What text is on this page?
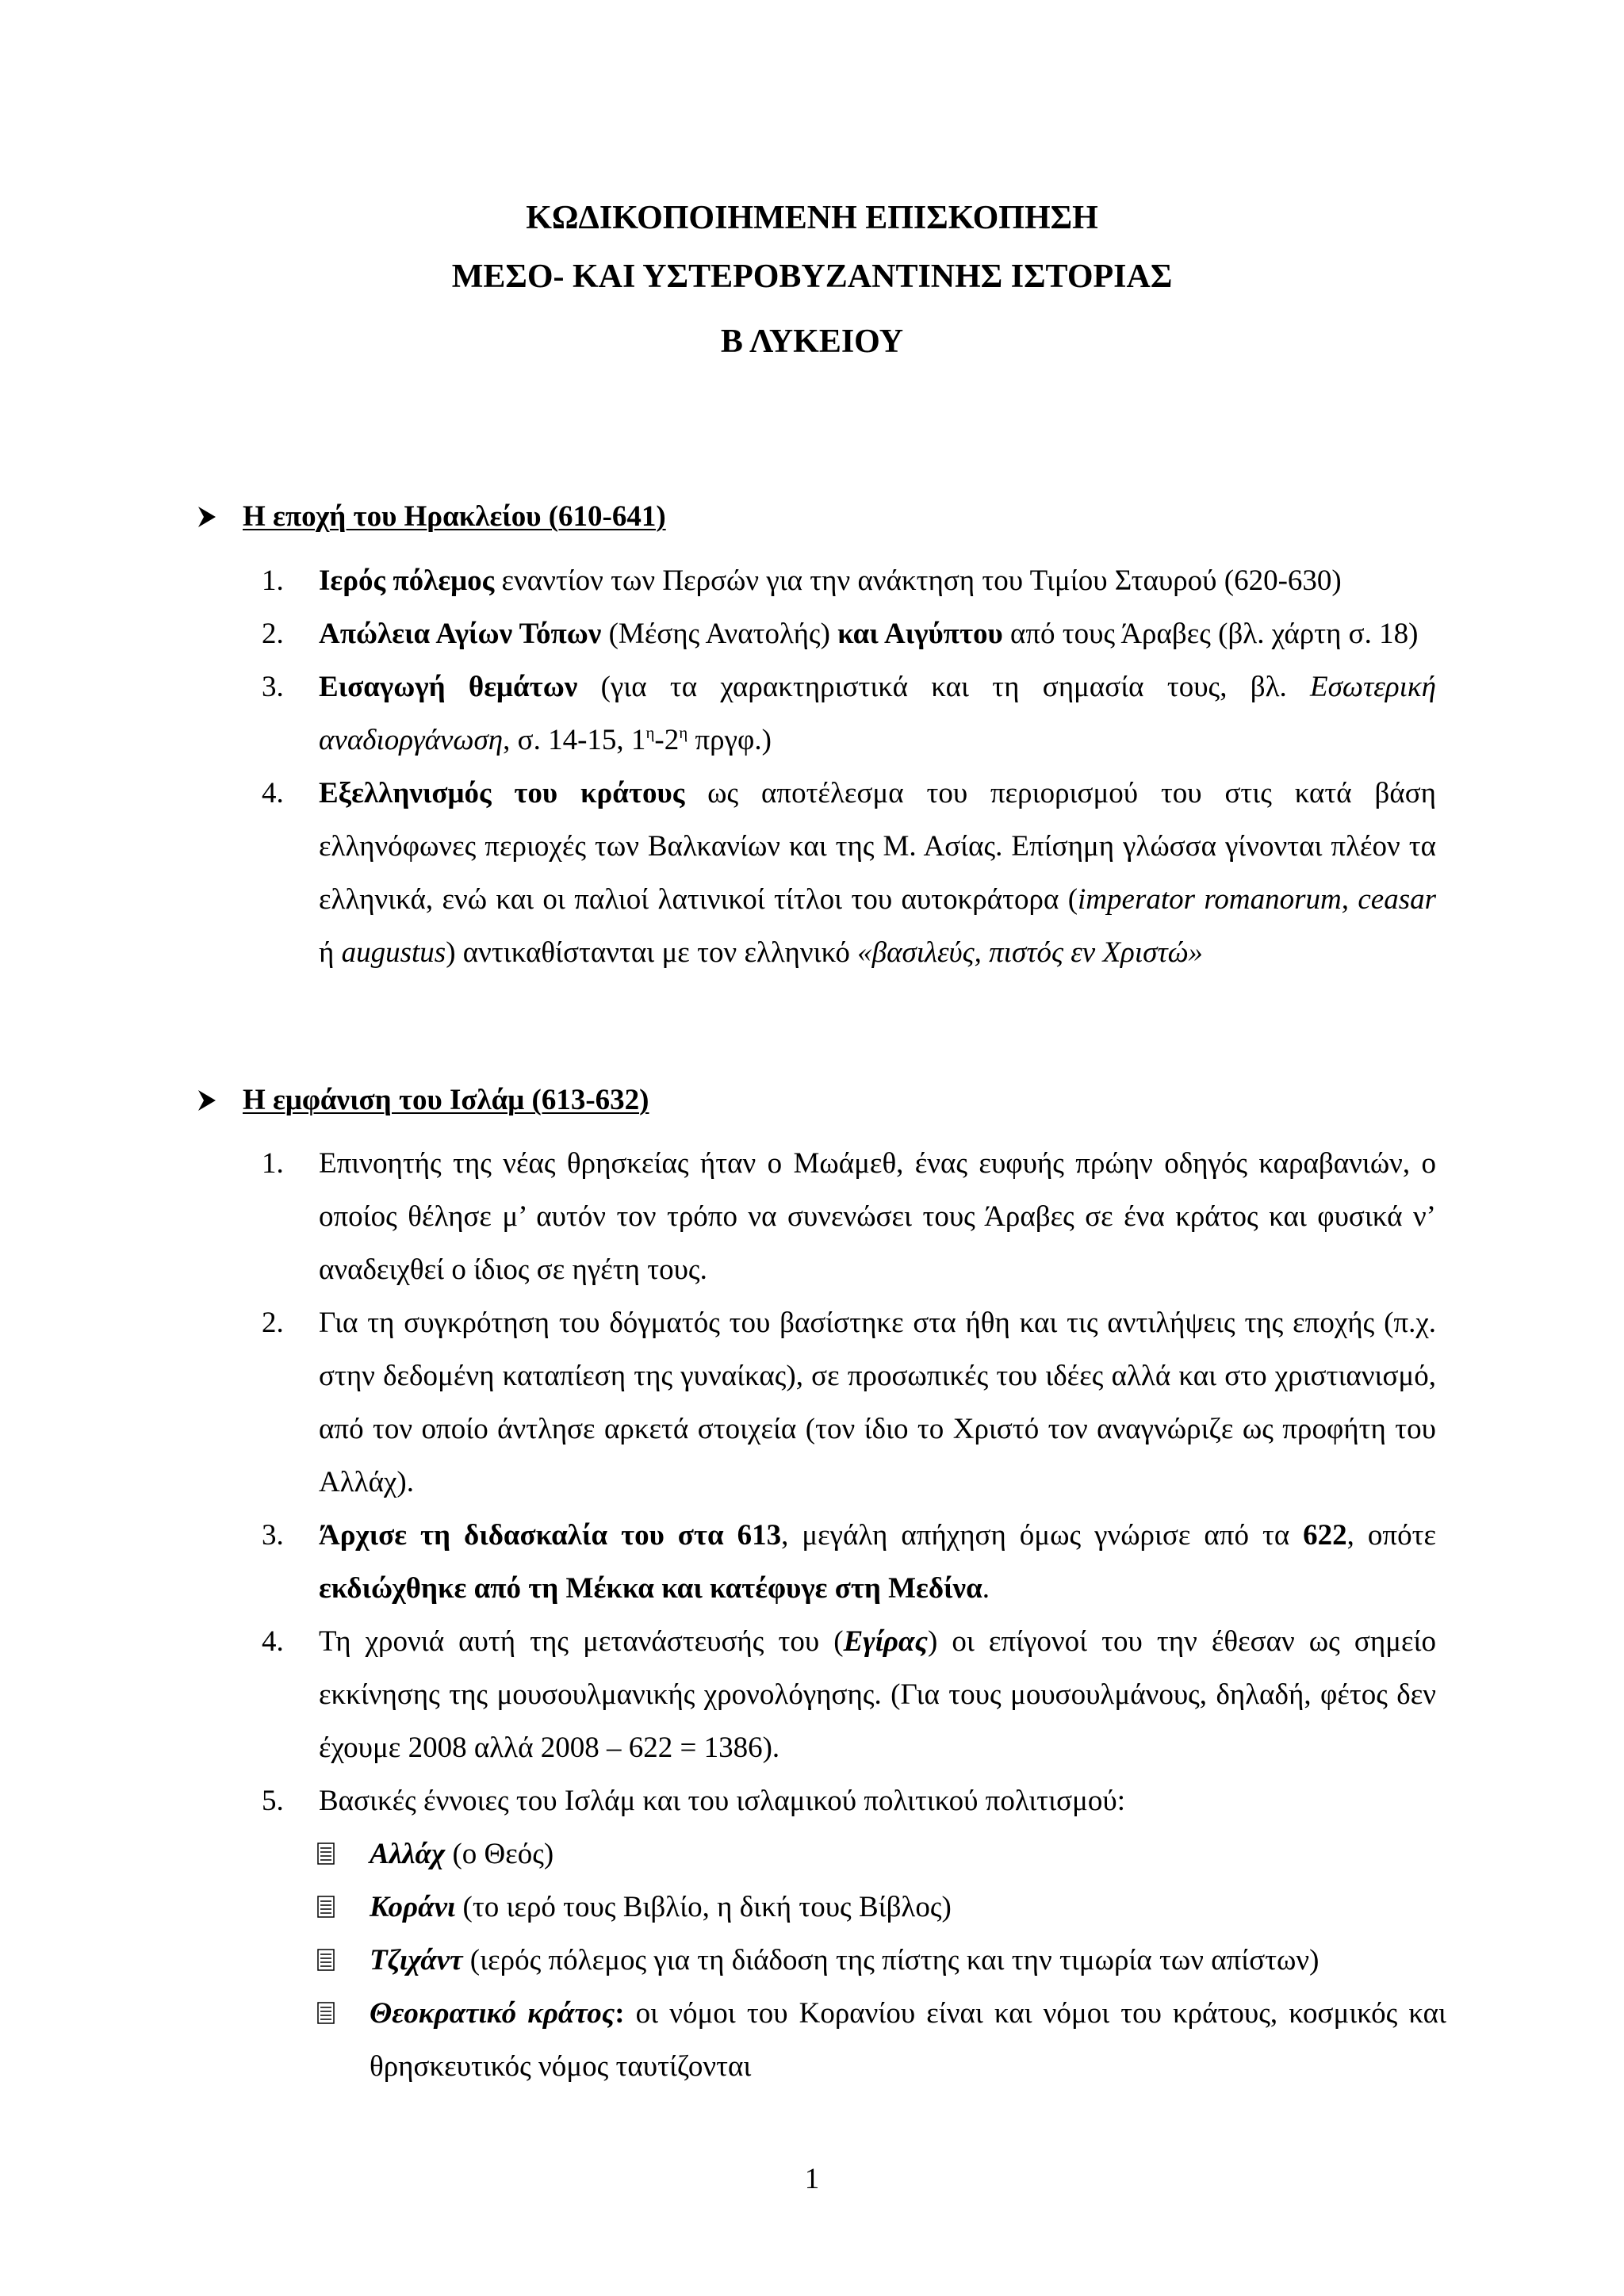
ΚΩΔΙΚΟΠΟΙΗΜΕΝΗ ΕΠΙΣΚΟΠΗΣΗ
ΜΕΣΟ- ΚΑΙ ΥΣΤΕΡΟΒΥΖΑΝΤΙΝΗΣ ΙΣΤΟΡΙΑΣ
Β ΛΥΚΕΙΟΥ
Η εποχή του Ηρακλείου (610-641)
1. Ιερός πόλεμος εναντίον των Περσών για την ανάκτηση του Τιμίου Σταυρού (620-630)
2. Απώλεια Αγίων Τόπων (Μέσης Ανατολής) και Αιγύπτου από τους Άραβες (βλ. χάρτη σ. 18)
3. Εισαγωγή θεμάτων (για τα χαρακτηριστικά και τη σημασία τους, βλ. Εσωτερική αναδιοργάνωση, σ. 14-15, $1^\eta-2^\eta$ πργφ.)
4. Εξελληνισμός του κράτους ως αποτέλεσμα του περιορισμού του στις κατά βάση ελληνόφωνες περιοχές των Βαλκανίων και της Μ. Ασίας. Επίσημη γλώσσα γίνονται πλέον τα ελληνικά, ενώ και οι παλιοί λατινικοί τίτλοι του αυτοκράτορα (imperator romanorum, ceasar ή augustus) αντικαθίστανται με τον ελληνικό «βασιλεύς, πιστός εν Χριστώ»
Η εμφάνιση του Ισλάμ (613-632)
1. Επινοητής της νέας θρησκείας ήταν ο Μωάμεθ, ένας ευφυής πρώην οδηγός καραβανιών, ο οποίος θέλησε μ’ αυτόν τον τρόπο να συνενώσει τους Άραβες σε ένα κράτος και φυσικά ν’ αναδειχθεί ο ίδιος σε ηγέτη τους.
2. Για τη συγκρότηση του δόγματός του βασίστηκε στα ήθη και τις αντιλήψεις της εποχής (π.χ. στην δεδομένη καταπίεση της γυναίκας), σε προσωπικές του ιδέες αλλά και στο χριστιανισμό, από τον οποίο άντλησε αρκετά στοιχεία (τον ίδιο το Χριστό τον αναγνώριζε ως προφήτη του Αλλάχ).
3. Άρχισε τη διδασκαλία του στα 613, μεγάλη απήχηση όμως γνώρισε από τα 622, οπότε εκδιώχθηκε από τη Μέκκα και κατέφυγε στη Μεδίνα.
4. Τη χρονιά αυτή της μετανάστευσής του (Εγίρας) οι επίγονοί του την έθεσαν ως σημείο εκκίνησης της μουσουλμανικής χρονολόγησης. (Για τους μουσουλμάνους, δηλαδή, φέτος δεν έχουμε 2008 αλλά 2008 – 622 = 1386).
5. Βασικές έννοιες του Ισλάμ και του ισλαμικού πολιτικού πολιτισμού:
Αλλάχ (ο Θεός)
Κοράνι (το ιερό τους Βιβλίο, η δική τους Βίβλος)
Τζιχάντ (ιερός πόλεμος για τη διάδοση της πίστης και την τιμωρία των απίστων)
Θεοκρατικό κράτος: οι νόμοι του Κορανίου είναι και νόμοι του κράτους, κοσμικός και θρησκευτικός νόμος ταυτίζονται
1
